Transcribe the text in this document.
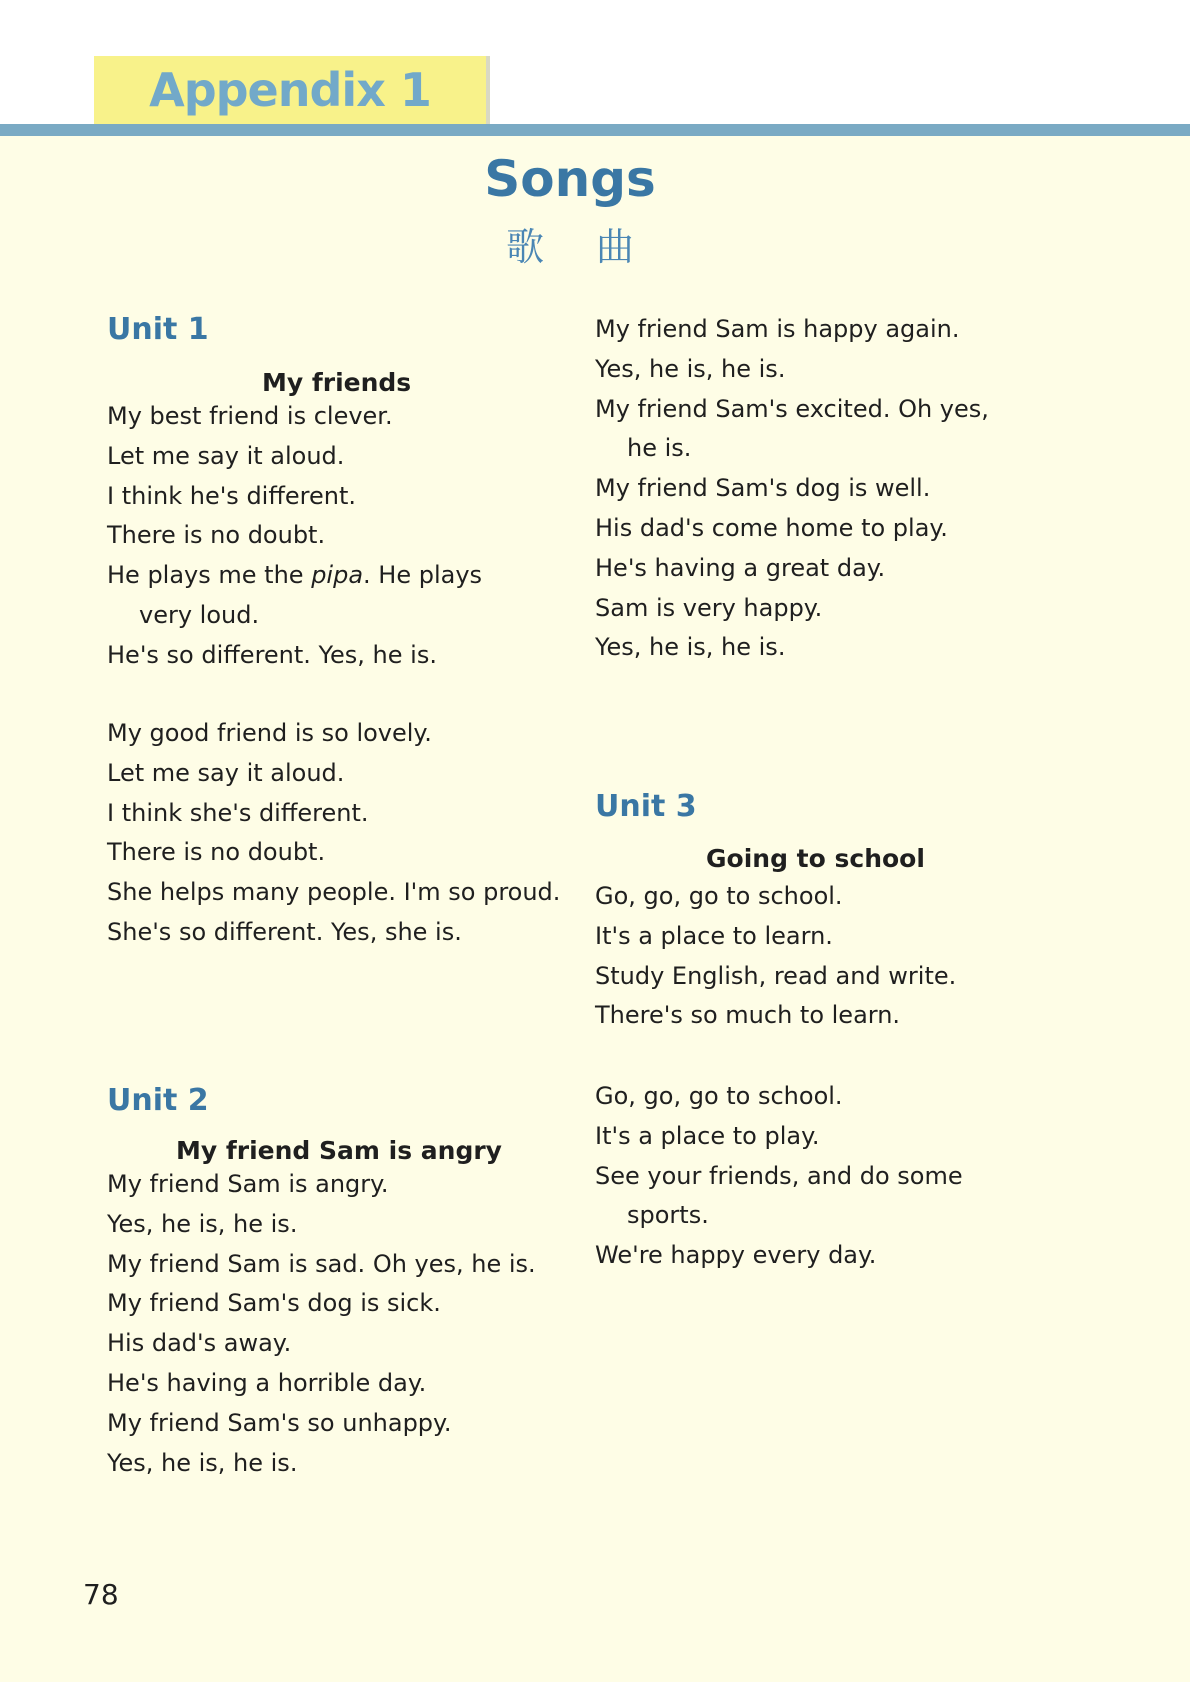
Appendix 1
Songs
歌曲
Unit 1
My friends
My best friend is clever.
Let me say it aloud.
I think he's different.
There is no doubt.
He plays me the pipa. He plays
very loud.
He's so different. Yes, he is.
My good friend is so lovely.
Let me say it aloud.
I think she's different.
There is no doubt.
She helps many people. I'm so proud.
She's so different. Yes, she is.
Unit 2
My friend Sam is angry
My friend Sam is angry.
Yes, he is, he is.
My friend Sam is sad. Oh yes, he is.
My friend Sam's dog is sick.
His dad's away.
He's having a horrible day.
My friend Sam's so unhappy.
Yes, he is, he is.
My friend Sam is happy again.
Yes, he is, he is.
My friend Sam's excited. Oh yes,
he is.
My friend Sam's dog is well.
His dad's come home to play.
He's having a great day.
Sam is very happy.
Yes, he is, he is.
Unit 3
Going to school
Go, go, go to school.
It's a place to learn.
Study English, read and write.
There's so much to learn.
Go, go, go to school.
It's a place to play.
See your friends, and do some
sports.
We're happy every day.
78
